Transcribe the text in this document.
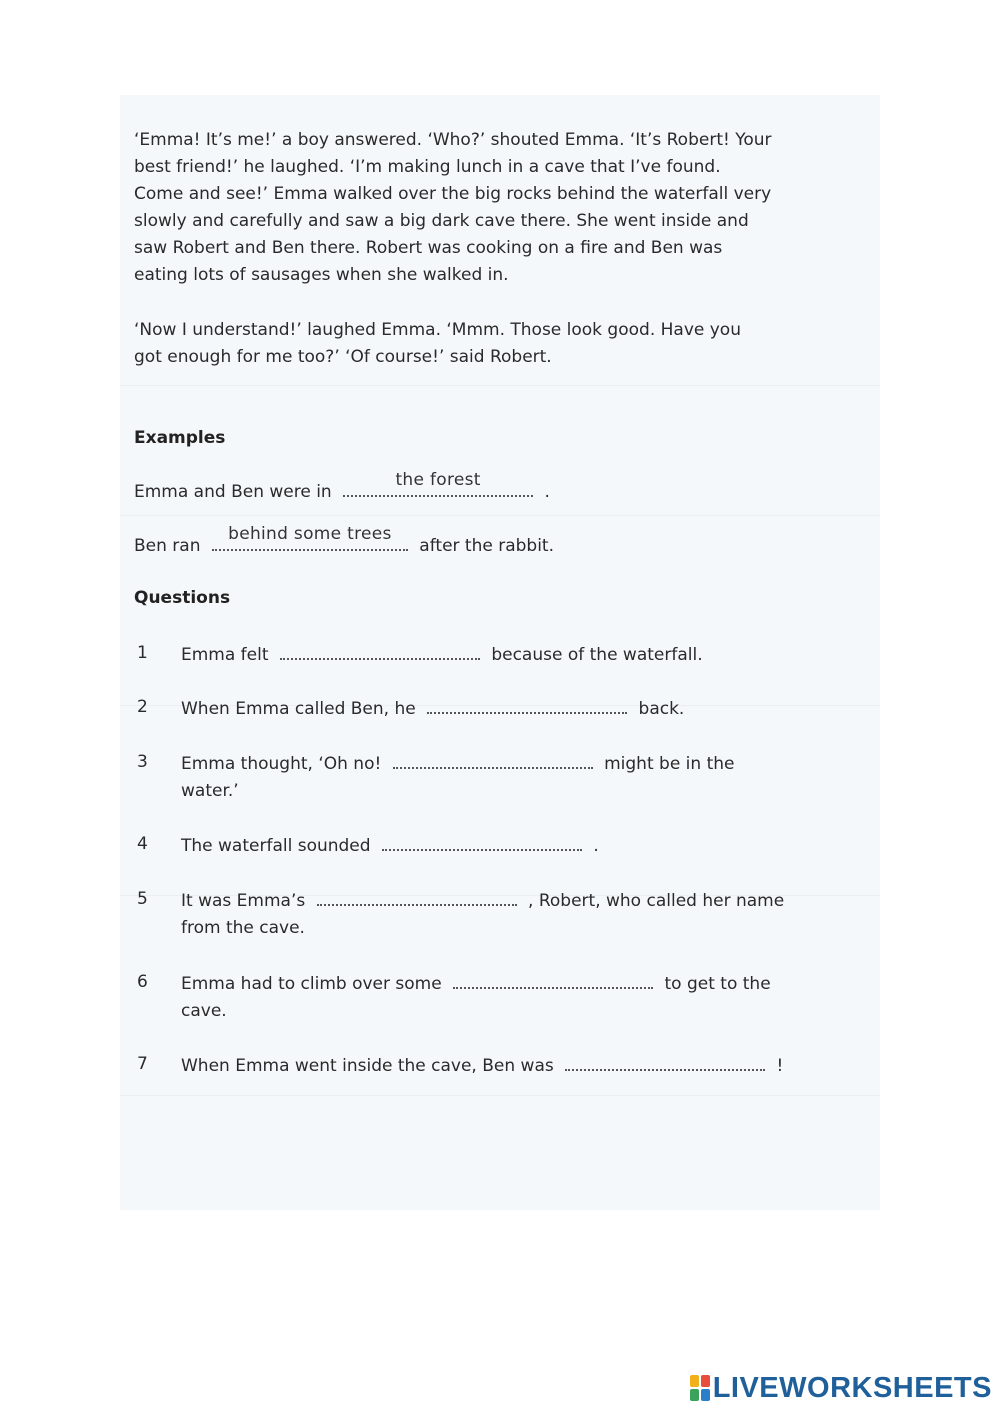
‘Emma! It’s me!’ a boy answered. ‘Who?’ shouted Emma. ‘It’s Robert! Your
best friend!’ he laughed. ‘I’m making lunch in a cave that I’ve found.
Come and see!’ Emma walked over the big rocks behind the waterfall very
slowly and carefully and saw a big dark cave there. She went inside and
saw Robert and Ben there. Robert was cooking on a fire and Ben was
eating lots of sausages when she walked in.
‘Now I understand!’ laughed Emma. ‘Mmm. Those look good. Have you
got enough for me too?’ ‘Of course!’ said Robert.
Examples
Emma and Ben were in
the forest
.
Ben ran
behind some trees
after the rabbit.
Questions
1 Emma felt	because of the waterfall.
2 When Emma called Ben, he	back.
3 Emma thought, ‘Oh no!	might be in the
water.’
4 The waterfall sounded	.
5 It was Emma’s	, Robert, who called her name
from the cave.
6 Emma had to climb over some	to get to the
cave.
7 When Emma went inside the cave, Ben was	!
LIVEWORKSHEETS
